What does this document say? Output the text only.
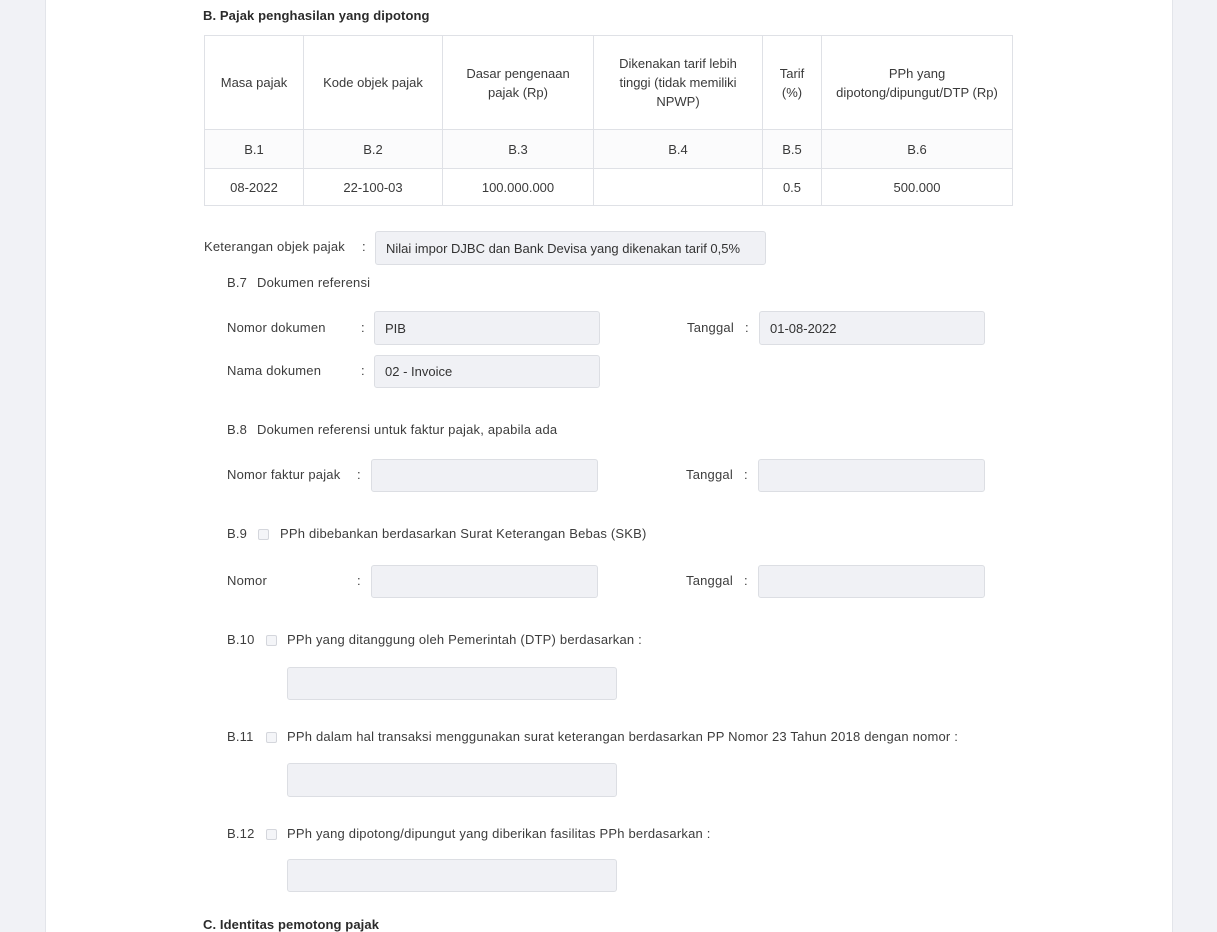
B. Pajak penghasilan yang dipotong
Masa pajak	Kode objek pajak	Dasar pengenaan pajak (Rp)	Dikenakan tarif lebih tinggi (tidak memiliki NPWP)	Tarif (%)	PPh yang dipotong/dipungut/DTP (Rp)
B.1	B.2	B.3	B.4	B.5	B.6
08-2022	22-100-03	100.000.000		0.5	500.000
Keterangan objek pajak :	Nilai impor DJBC dan Bank Devisa yang dikenakan tarif 0,5%
B.7 Dokumen referensi
Nomor dokumen	:	PIB	Tanggal :	01-08-2022
Nama dokumen	:	02 - Invoice
B.8 Dokumen referensi untuk faktur pajak, apabila ada
Nomor faktur pajak :	Tanggal :
B.9	PPh dibebankan berdasarkan Surat Keterangan Bebas (SKB)
Nomor	:	Tanggal :
B.10 PPh yang ditanggung oleh Pemerintah (DTP) berdasarkan :
B.11	PPh dalam hal transaksi menggunakan surat keterangan berdasarkan PP Nomor 23 Tahun 2018 dengan nomor :
B.12 PPh yang dipotong/dipungut yang diberikan fasilitas PPh berdasarkan :
C. Identitas pemotong pajak
